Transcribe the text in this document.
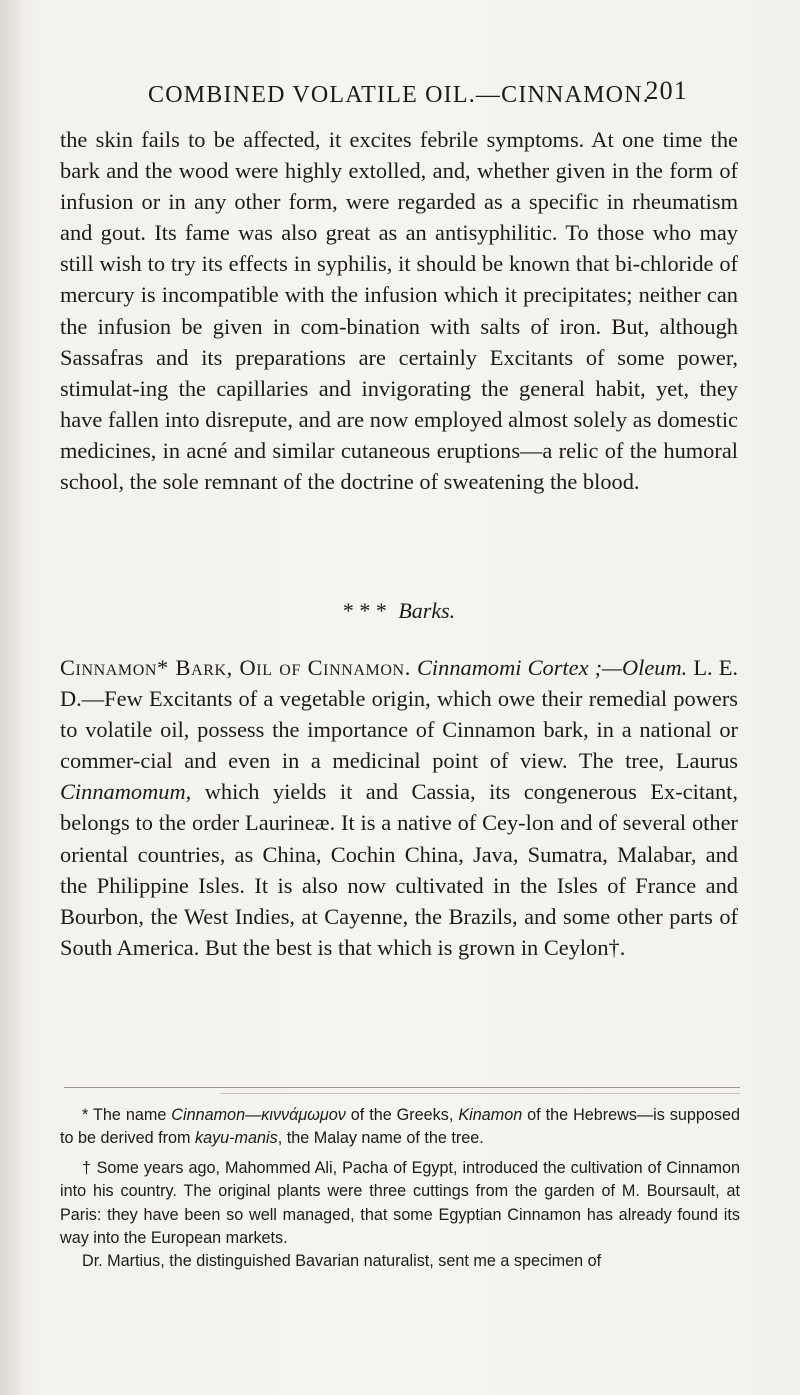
COMBINED VOLATILE OIL.—CINNAMON.
201

the skin fails to be affected, it excites febrile symptoms. At one time the bark and the wood were highly extolled, and, whether given in the form of infusion or in any other form, were regarded as a specific in rheumatism and gout. Its fame was also great as an antisyphilitic. To those who may still wish to try its effects in syphilis, it should be known that bi-chloride of mercury is incompatible with the infusion which it precipitates; neither can the infusion be given in com-bination with salts of iron. But, although Sassafras and its preparations are certainly Excitants of some power, stimulat-ing the capillaries and invigorating the general habit, yet, they have fallen into disrepute, and are now employed almost solely as domestic medicines, in acné and similar cutaneous eruptions—a relic of the humoral school, the sole remnant of the doctrine of sweatening the blood.

* * * Barks.

Cinnamon* Bark, Oil of Cinnamon. Cinnamomi Cortex ;—Oleum. L. E. D.—Few Excitants of a vegetable origin, which owe their remedial powers to volatile oil, possess the importance of Cinnamon bark, in a national or commer-cial and even in a medicinal point of view. The tree, Laurus Cinnamomum, which yields it and Cassia, its congenerous Ex-citant, belongs to the order Laurineæ. It is a native of Cey-lon and of several other oriental countries, as China, Cochin China, Java, Sumatra, Malabar, and the Philippine Isles. It is also now cultivated in the Isles of France and Bourbon, the West Indies, at Cayenne, the Brazils, and some other parts of South America. But the best is that which is grown in Ceylon†.

* The name Cinnamon—κιννάμωμον of the Greeks, Kinamon of the Hebrews—is supposed to be derived from kayu-manis, the Malay name of the tree.

† Some years ago, Mahommed Ali, Pacha of Egypt, introduced the cultivation of Cinnamon into his country. The original plants were three cuttings from the garden of M. Boursault, at Paris: they have been so well managed, that some Egyptian Cinnamon has already found its way into the European markets.

Dr. Martius, the distinguished Bavarian naturalist, sent me a specimen of
